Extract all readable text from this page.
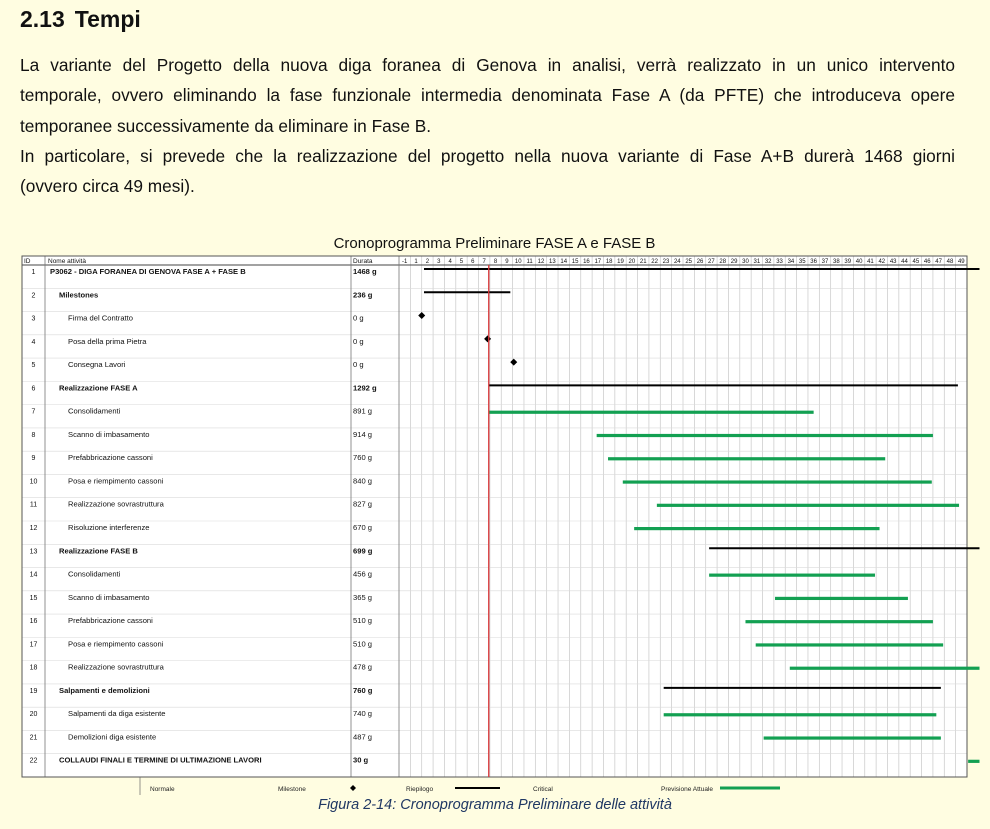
2.13 Tempi

La variante del Progetto della nuova diga foranea di Genova in analisi, verrà realizzato in un unico intervento

temporale, ovvero eliminando la fase funzionale intermedia denominata Fase A (da PFTE) che introduceva opere

temporanee successivamente da eliminare in Fase B.

In particolare, si prevede che la realizzazione del progetto nella nuova variante di Fase A+B durerà 1468 giorni

(ovvero circa 49 mesi).

Cronoprogramma Preliminare FASE A e FASE B
ID	Nome attività	Durata	-1 1 2 3 4 5 6 7 8 9 10 11 12 13 14 15 16 17 18 19 20 21 22 23 24 25 26 27 28 29 30 31 32 33 34 35 36 37 38 39 40 41 42 43 44 45 46 47 48 49
1 P3062 - DIGA FORANEA DI GENOVA FASE A + FASE B	1468 g
2	Milestones	236 g
3	Firma del Contratto	0 g
4	Posa della prima Pietra	0 g
5	Consegna Lavori	0 g
6	Realizzazione FASE A	1292 g
7	Consolidamenti	891 g
8	Scanno di imbasamento	914 g
9	Prefabbricazione cassoni	760 g
10	Posa e riempimento cassoni	840 g
11	Realizzazione sovrastruttura	827 g
12	Risoluzione interferenze	670 g
13	Realizzazione FASE B	699 g
14	Consolidamenti	456 g
15	Scanno di imbasamento	365 g
16	Prefabbricazione cassoni	510 g
17	Posa e riempimento cassoni	510 g
18	Realizzazione sovrastruttura	478 g
19	Salpamenti e demolizioni	760 g
20	Salpamenti da diga esistente	740 g
21	Demolizioni diga esistente	487 g
22	COLLAUDI FINALI E TERMINE DI ULTIMAZIONE LAVORI	30 g
Normale	Milestone	Riepilogo	Critical	Previsione Attuale
Figura 2-14: Cronoprogramma Preliminare delle attività
